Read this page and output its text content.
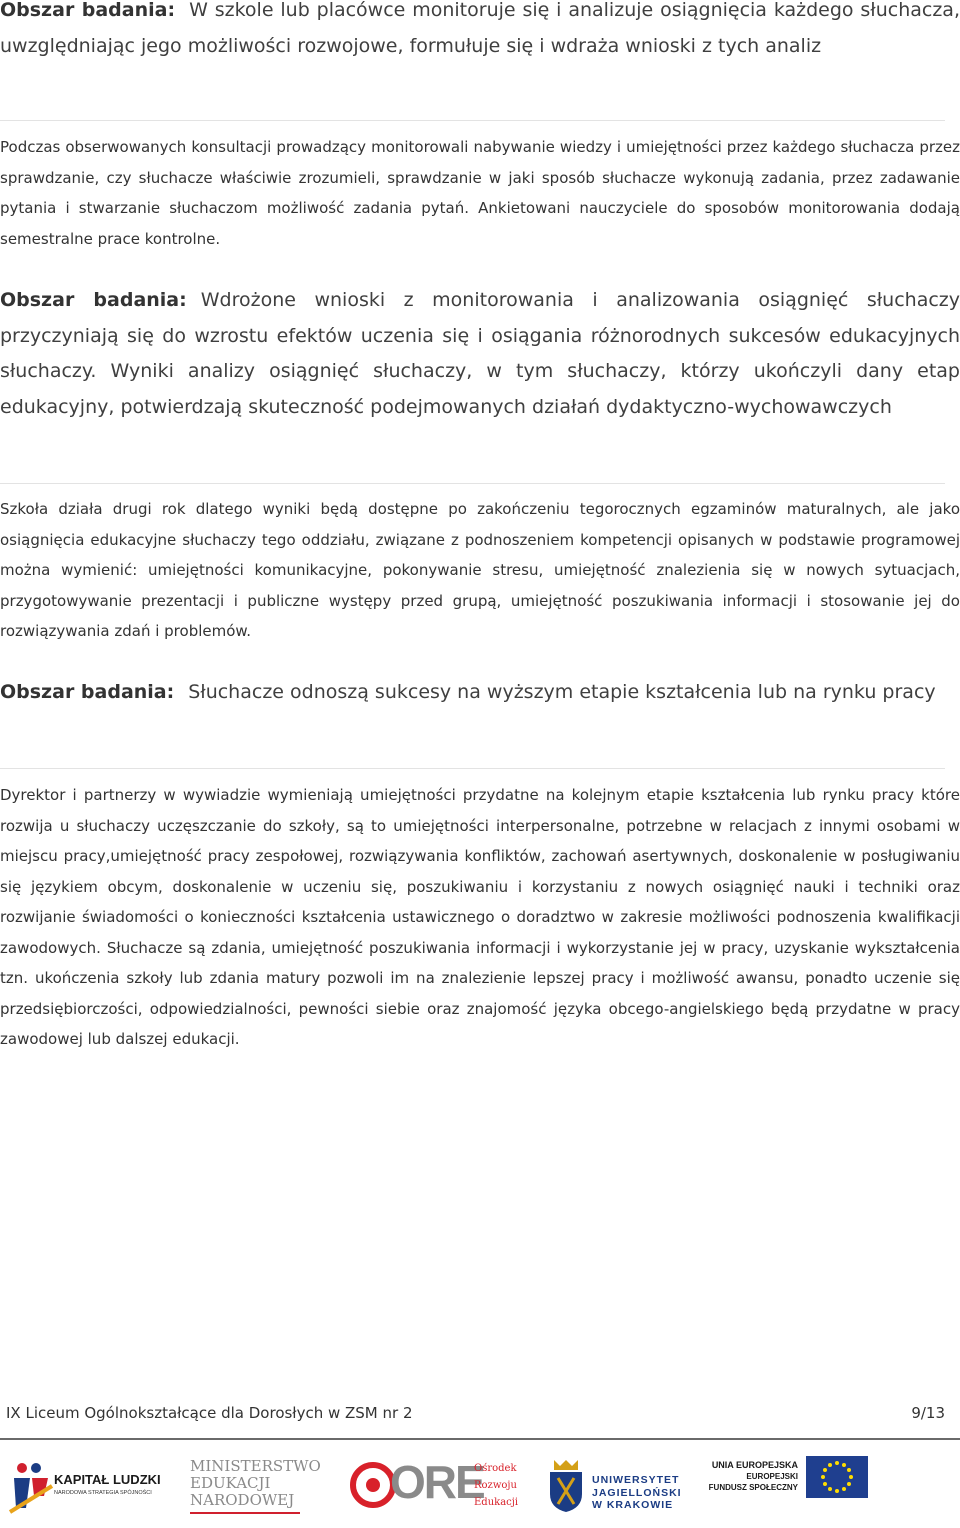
Obszar badania: W szkole lub placówce monitoruje się i analizuje osiągnięcia każdego słuchacza, uwzględniając jego możliwości rozwojowe, formułuje się i wdraża wnioski z tych analiz

Podczas obserwowanych konsultacji prowadzący monitorowali nabywanie wiedzy i umiejętności przez każdego słuchacza przez sprawdzanie, czy słuchacze właściwie zrozumieli, sprawdzanie w jaki sposób słuchacze wykonują zadania, przez zadawanie pytania i stwarzanie słuchaczom możliwość zadania pytań. Ankietowani nauczyciele do sposobów monitorowania dodają semestralne prace kontrolne.

Obszar badania: Wdrożone wnioski z monitorowania i analizowania osiągnięć słuchaczy przyczyniają się do wzrostu efektów uczenia się i osiągania różnorodnych sukcesów edukacyjnych słuchaczy. Wyniki analizy osiągnięć słuchaczy, w tym słuchaczy, którzy ukończyli dany etap edukacyjny, potwierdzają skuteczność podejmowanych działań dydaktyczno-wychowawczych

Szkoła działa drugi rok dlatego wyniki będą dostępne po zakończeniu tegorocznych egzaminów maturalnych, ale jako osiągnięcia edukacyjne słuchaczy tego oddziału, związane z podnoszeniem kompetencji opisanych w podstawie programowej można wymienić: umiejętności komunikacyjne, pokonywanie stresu, umiejętność znalezienia się w nowych sytuacjach, przygotowywanie prezentacji i publiczne występy przed grupą, umiejętność poszukiwania informacji i stosowanie jej do rozwiązywania zdań i problemów.

Obszar badania: Słuchacze odnoszą sukcesy na wyższym etapie kształcenia lub na rynku pracy

Dyrektor i partnerzy w wywiadzie wymieniają umiejętności przydatne na kolejnym etapie kształcenia lub rynku pracy które rozwija u słuchaczy uczęszczanie do szkoły, są to umiejętności interpersonalne, potrzebne w relacjach z innymi osobami w miejscu pracy,umiejętność pracy zespołowej, rozwiązywania konfliktów, zachowań asertywnych, doskonalenie w posługiwaniu się językiem obcym, doskonalenie w uczeniu się, poszukiwaniu i korzystaniu z nowych osiągnięć nauki i techniki oraz rozwijanie świadomości o konieczności kształcenia ustawicznego o doradztwo w zakresie możliwości podnoszenia kwalifikacji zawodowych. Słuchacze są zdania, umiejętność poszukiwania informacji i wykorzystanie jej w pracy, uzyskanie wykształcenia tzn. ukończenia szkoły lub zdania matury pozwoli im na znalezienie lepszej pracy i możliwość awansu, ponadto uczenie się przedsiębiorczości, odpowiedzialności, pewności siebie oraz znajomość języka obcego-angielskiego będą przydatne w pracy zawodowej lub dalszej edukacji.

IX Liceum Ogólnokształcące dla Dorosłych w ZSM nr 2	9/13
KAPITAŁ LUDZKI
NARODOWA STRATEGIA SPÓJNOŚCI
MINISTERSTWO
EDUKACJI
NARODOWEJ	ORE
Ośrodek
Rozwoju
Edukacji
UNIWERSYTET
JAGIELLOŃSKI
W KRAKOWIE
UNIA EUROPEJSKA
EUROPEJSKI
FUNDUSZ SPOŁECZNY
